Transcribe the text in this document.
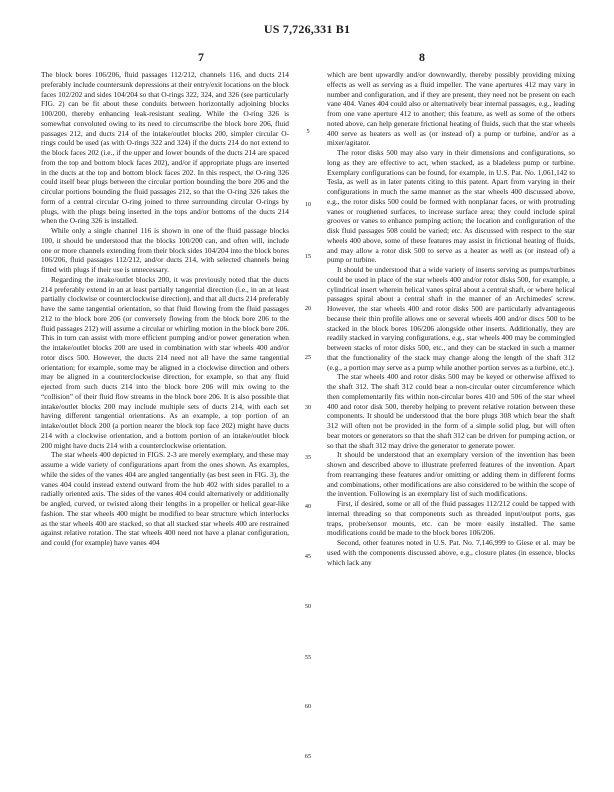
US 7,726,331 B1
7	8

The block bores 106/206, fluid passages 112/212, channels 116, and ducts 214 preferably include countersunk depressions at their entry/exit locations on the block faces 102/202 and sides 104/204 so that O-rings 322, 324, and 326 (see particularly FIG. 2) can be fit about these conduits between horizontally adjoining blocks 100/200, thereby enhancing leak-resistant sealing. While the O-ring 326 is somewhat convoluted owing to its need to circumscribe the block bore 206, fluid passages 212, and ducts 214 of the intake/outlet blocks 200, simpler circular O-rings could be used (as with O-rings 322 and 324) if the ducts 214 do not extend to the block faces 202 (i.e., if the upper and lower bounds of the ducts 214 are spaced from the top and bottom block faces 202), and/or if appropriate plugs are inserted in the ducts at the top and bottom block faces 202. In this respect, the O-ring 326 could itself bear plugs between the circular portion bounding the bore 206 and the circular portions bounding the fluid passages 212, so that the O-ring 326 takes the form of a central circular O-ring joined to three surrounding circular O-rings by plugs, with the plugs being inserted in the tops and/or bottoms of the ducts 214 when the O-ring 326 is installed.

While only a single channel 116 is shown in one of the fluid passage blocks 100, it should be understood that the blocks 100/200 can, and often will, include one or more channels extending from their block sides 104/204 into the block bores 106/206, fluid passages 112/212, and/or ducts 214, with selected channels being fitted with plugs if their use is unnecessary.

Regarding the intake/outlet blocks 200, it was previously noted that the ducts 214 preferably extend in an at least partially tangential direction (i.e., in an at least partially clockwise or counterclockwise direction), and that all ducts 214 preferably have the same tangential orientation, so that fluid flowing from the fluid passages 212 to the block bore 206 (or conversely flowing from the block bore 206 to the fluid passages 212) will assume a circular or whirling motion in the block bore 206. This in turn can assist with more efficient pumping and/or power generation when the intake/outlet blocks 200 are used in combination with star wheels 400 and/or rotor discs 500. However, the ducts 214 need not all have the same tangential orientation; for example, some may be aligned in a clockwise direction and others may be aligned in a counterclockwise direction, for example, so that any fluid ejected from such ducts 214 into the block bore 206 will mix owing to the “collision” of their fluid flow streams in the block bore 206. It is also possible that intake/outlet blocks 200 may include multiple sets of ducts 214, with each set having different tangential orientations. As an example, a top portion of an intake/outlet block 200 (a portion nearer the block top face 202) might have ducts 214 with a clockwise orientation, and a bottom portion of an intake/outlet block 200 might have ducts 214 with a counterclockwise orientation.

The star wheels 400 depicted in FIGS. 2-3 are merely exemplary, and these may assume a wide variety of configurations apart from the ones shown. As examples, while the sides of the vanes 404 are angled tangentially (as best seen in FIG. 3), the vanes 404 could instead extend outward from the hub 402 with sides parallel to a radially oriented axis. The sides of the vanes 404 could alternatively or additionally be angled, curved, or twisted along their lengths in a propeller or helical gear-like fashion. The star wheels 400 might be modified to bear structure which interlocks as the star wheels 400 are stacked, so that all stacked star wheels 400 are restrained against relative rotation. The star wheels 400 need not have a planar configuration, and could (for example) have vanes 404

5
10
15
20
25
30
35
40
45
50
55
60
65

which are bent upwardly and/or downwardly, thereby possibly providing mixing effects as well as serving as a fluid impeller. The vane apertures 412 may vary in number and configuration, and if they are present, they need not be present on each vane 404. Vanes 404 could also or alternatively bear internal passages, e.g., leading from one vane aperture 412 to another; this feature, as well as some of the others noted above, can help generate frictional heating of fluids, such that the star wheels 400 serve as heaters as well as (or instead of) a pump or turbine, and/or as a mixer/agitator.

The rotor disks 500 may also vary in their dimensions and configurations, so long as they are effective to act, when stacked, as a bladeless pump or turbine. Exemplary configurations can be found, for example, in U.S. Pat. No. 1,061,142 to Tesla, as well as in later patents citing to this patent. Apart from varying in their configurations in much the same manner as the star wheels 400 discussed above, e.g., the rotor disks 500 could be formed with nonplanar faces, or with protruding vanes or roughened surfaces, to increase surface area; they could include spiral grooves or vanes to enhance pumping action; the location and configuration of the disk fluid passages 508 could be varied; etc. As discussed with respect to the star wheels 400 above, some of these features may assist in frictional heating of fluids, and may allow a rotor disk 500 to serve as a heater as well as (or instead of) a pump or turbine.

It should be understood that a wide variety of inserts serving as pumps/turbines could be used in place of the star wheels 400 and/or rotor disks 500, for example, a cylindrical insert wherein helical vanes spiral about a central shaft, or where helical passages spiral about a central shaft in the manner of an Archimedes' screw. However, the star wheels 400 and rotor disks 500 are particularly advantageous because their thin profile allows one or several wheels 400 and/or discs 500 to be stacked in the block bores 106/206 alongside other inserts. Additionally, they are readily stacked in varying configurations, e.g., star wheels 400 may be commingled between stacks of rotor disks 500, etc., and they can be stacked in such a manner that the functionality of the stack may change along the length of the shaft 312 (e.g., a portion may serve as a pump while another portion serves as a turbine, etc.).

The star wheels 400 and rotor disks 500 may be keyed or otherwise affixed to the shaft 312. The shaft 312 could bear a non-circular outer circumference which then complementarily fits within non-circular bores 410 and 506 of the star wheel 400 and rotor disk 500, thereby helping to prevent relative rotation between these components. It should be understood that the bore plugs 308 which bear the shaft 312 will often not be provided in the form of a simple solid plug, but will often bear motors or generators so that the shaft 312 can be driven for pumping action, or so that the shaft 312 may drive the generator to generate power.

It should be understood that an exemplary version of the invention has been shown and described above to illustrate preferred features of the invention. Apart from rearranging these features and/or omitting or adding them in different forms and combinations, other modifications are also considered to be within the scope of the invention. Following is an exemplary list of such modifications.

First, if desired, some or all of the fluid passages 112/212 could be tapped with internal threading so that components such as threaded input/output ports, gas traps, probe/sensor mounts, etc. can be more easily installed. The same modifications could be made to the block bores 106/206.

Second, other features noted in U.S. Pat. No. 7,146,999 to Giese et al. may be used with the components discussed above, e.g., closure plates (in essence, blocks which lack any
